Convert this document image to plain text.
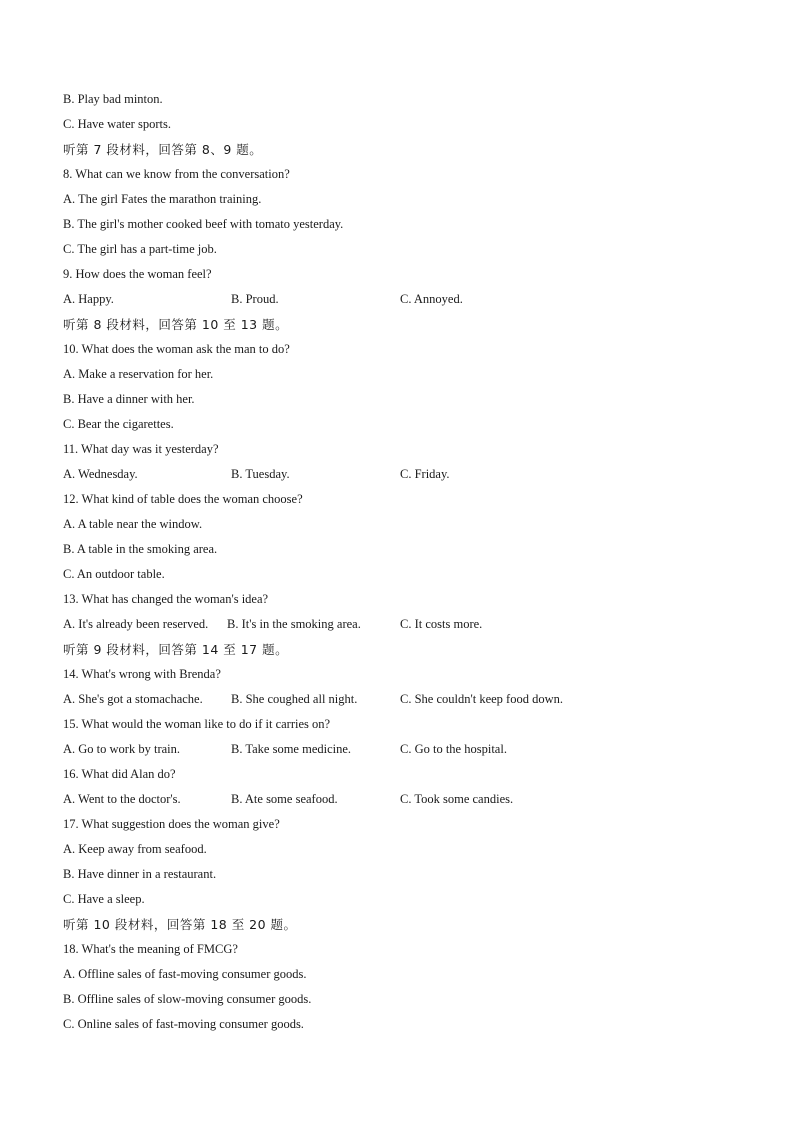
B. Play bad minton.
C. Have water sports.
听第 7 段材料，回答第 8、9 题。
8. What can we know from the conversation?
A. The girl Fates the marathon training.
B. The girl's mother cooked beef with tomato yesterday.
C. The girl has a part-time job.
9. How does the woman feel?
A. Happy.	B. Proud.	C. Annoyed.
听第 8 段材料，回答第 10 至 13 题。
10. What does the woman ask the man to do?
A. Make a reservation for her.
B. Have a dinner with her.
C. Bear the cigarettes.
11. What day was it yesterday?
A. Wednesday.	B. Tuesday.	C. Friday.
12. What kind of table does the woman choose?
A. A table near the window.
B. A table in the smoking area.
C. An outdoor table.
13. What has changed the woman's idea?
A. It's already been reserved. B. It's in the smoking area.	C. It costs more.
听第 9 段材料，回答第 14 至 17 题。
14. What's wrong with Brenda?
A. She's got a stomachache. B. She coughed all night.	C. She couldn't keep food down.
15. What would the woman like to do if it carries on?
A. Go to work by train.	B. Take some medicine.	C. Go to the hospital.
16. What did Alan do?
A. Went to the doctor's.	B. Ate some seafood.	C. Took some candies.
17. What suggestion does the woman give?
A. Keep away from seafood.
B. Have dinner in a restaurant.
C. Have a sleep.
听第 10 段材料，回答第 18 至 20 题。
18. What's the meaning of FMCG?
A. Offline sales of fast-moving consumer goods.
B. Offline sales of slow-moving consumer goods.
C. Online sales of fast-moving consumer goods.
